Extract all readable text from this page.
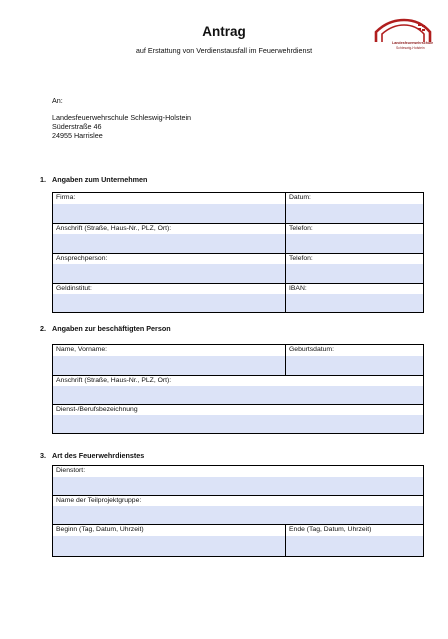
Antrag
auf Erstattung von Verdienstausfall im Feuerwehrdienst
Landesfeuerwehrschule
Schleswig-Holstein
An:
Landesfeuerwehrschule Schleswig-Holstein
Süderstraße 46
24955 Harrislee
1. Angaben zum Unternehmen
Firma:	Datum:
Anschrift (Straße, Haus-Nr., PLZ, Ort):	Telefon:
Ansprechperson:	Telefon:
Geldinstitut:	IBAN:
2. Angaben zur beschäftigten Person
Name, Vorname:	Geburtsdatum:
Anschrift (Straße, Haus-Nr., PLZ, Ort):
Dienst-/Berufsbezeichnung
3. Art des Feuerwehrdienstes
Dienstort:
Name der Teilprojektgruppe:
Beginn (Tag, Datum, Uhrzeit)	Ende (Tag, Datum, Uhrzeit)
